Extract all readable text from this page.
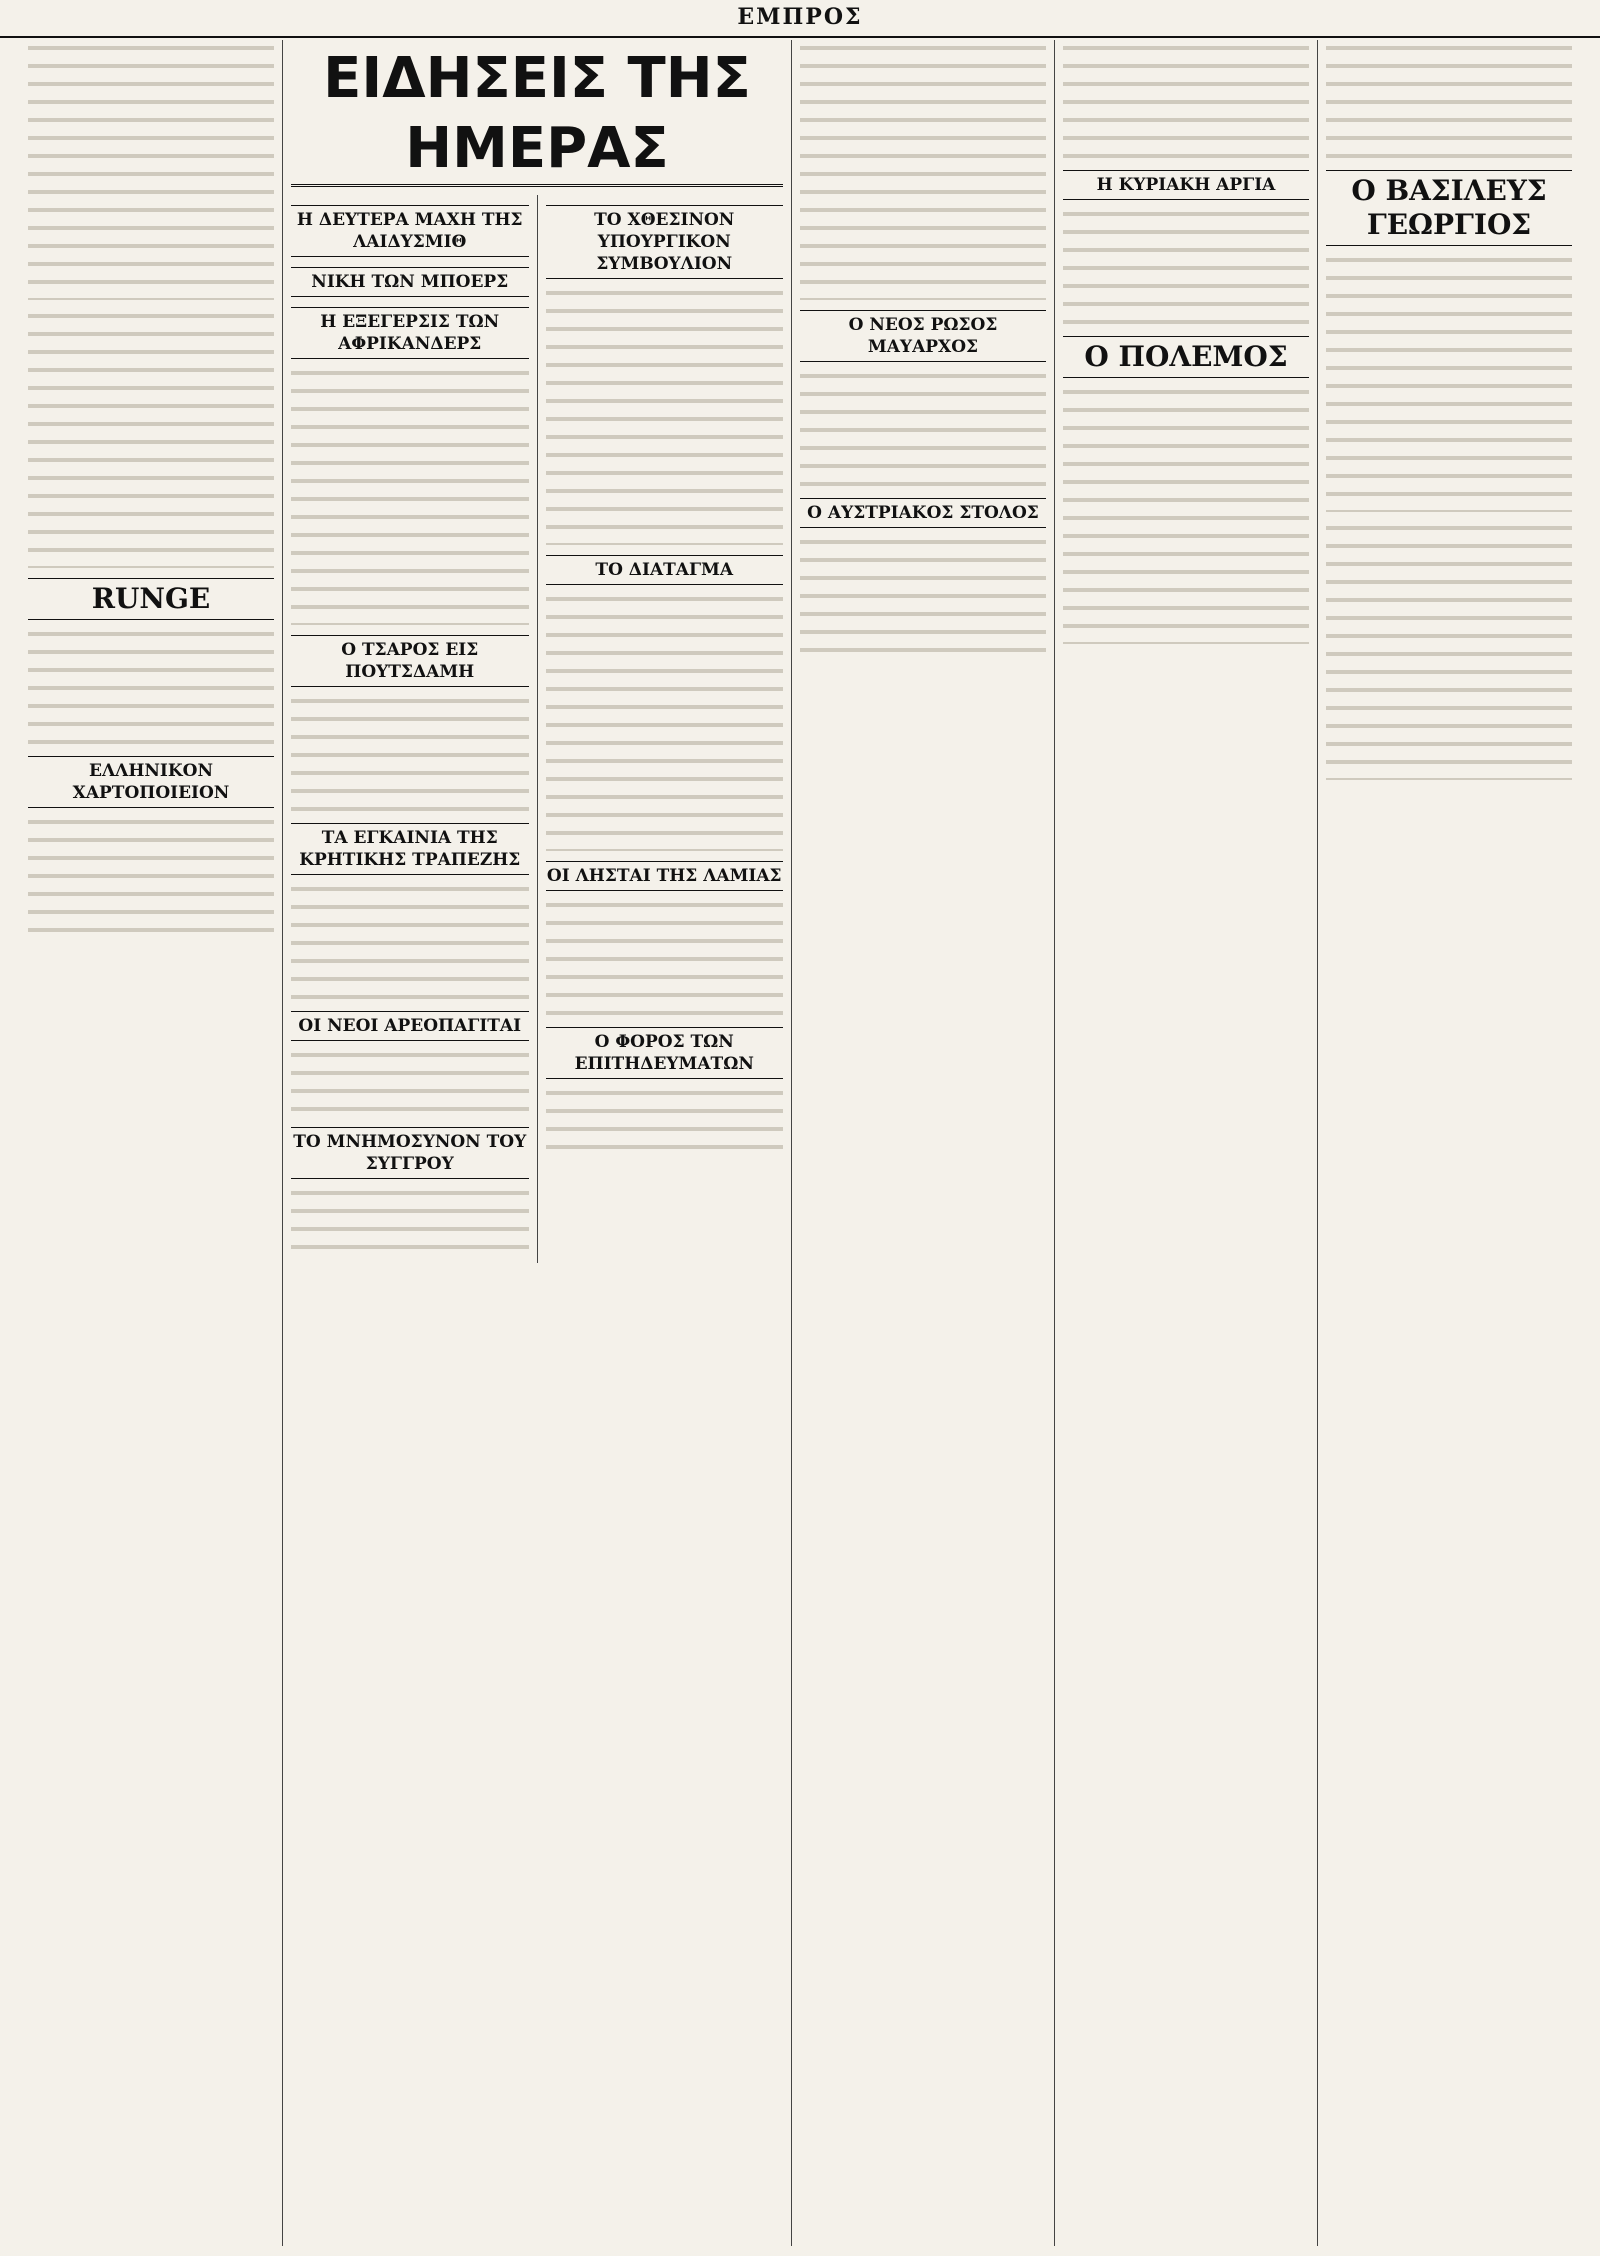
ΕΜΠΡΟΣ
RUNGE
ΕΛΛΗΝΙΚΟΝ ΧΑΡΤΟΠΟΙΕΙΟΝ
ΕΙΔΗΣΕΙΣ ΤΗΣ ΗΜΕΡΑΣ
Η ΔΕΥΤΕΡΑ ΜΑΧΗ ΤΗΣ ΛΑΙΔΥΣΜΙΘ
ΝΙΚΗ ΤΩΝ ΜΠΟΕΡΣ
Η ΕΞΕΓΕΡΣΙΣ ΤΩΝ ΑΦΡΙΚΑΝΔΕΡΣ
Ο ΤΣΑΡΟΣ ΕΙΣ ΠΟΥΤΣΔΑΜΗ
ΤΑ ΕΓΚΑΙΝΙΑ ΤΗΣ ΚΡΗΤΙΚΗΣ ΤΡΑΠΕΖΗΣ
ΟΙ ΝΕΟΙ ΑΡΕΟΠΑΓΙΤΑΙ
ΤΟ ΜΝΗΜΟΣΥΝΟΝ ΤΟΥ ΣΥΓΓΡΟΥ
ΤΟ ΧΘΕΣΙΝΟΝ ΥΠΟΥΡΓΙΚΟΝ ΣΥΜΒΟΥΛΙΟΝ
ΤΟ ΔΙΑΤΑΓΜΑ
ΟΙ ΛΗΣΤΑΙ ΤΗΣ ΛΑΜΙΑΣ
Ο ΦΟΡΟΣ ΤΩΝ ΕΠΙΤΗΔΕΥΜΑΤΩΝ
Ο ΝΕΟΣ ΡΩΣΟΣ ΜΑΥΑΡΧΟΣ
Ο ΑΥΣΤΡΙΑΚΟΣ ΣΤΟΛΟΣ
Η ΚΥΡΙΑΚΗ ΑΡΓΙΑ
Ο ΠΟΛΕΜΟΣ
Ο ΒΑΣΙΛΕΥΣ ΓΕΩΡΓΙΟΣ
